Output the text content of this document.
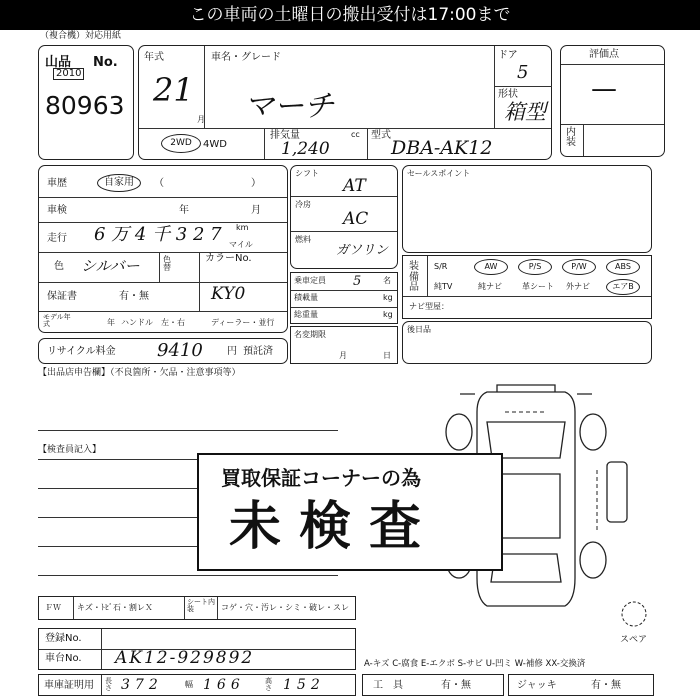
この車両の土曜日の搬出受付は17:00まで
（複合機）対応用紙
山品 No.
2010
80963
年式
21
月
車名・グレード
マーチ
ドア
5
形状
箱型
2WD	4WD
排気量	cc
1,240
型式
DBA-AK12
評価点
—
内装
車歴	自家用	（	）
車検	年	月
走行 6 万 4 千 3 2 7 km
マイル
色 シルバー	色替
カラーNo.
保証書	有・無	KY0
モデル年式	年 ハンドル 左・右	ディーラー・並行
リサイクル料金 9410 円 預託済
シフト
AT
冷房
AC
燃料
ガソリン
乗車定員 5	名
積載量	kg
総重量	kg
名変期限
月	日
セールスポイント
装備品
ナビ型屋：
S/R	AW	P/S	P/W	ABS
純TV	純ナビ	革シート	外ナビ	エアB
後日品
【出品店申告欄】（不良箇所・欠品・注意事項等）
【検査員記入】
スペア
買取保証コーナーの為
未検査
ＦＷ キズ・ﾄﾋﾞ石・割レＸ
シート内装	コゲ・穴・汚レ・シミ・破レ・スレ
登録No.
車台No. AK12-929892
車庫証明用 長さ 372	幅 166	高さ 152
A-キズ C-腐食 E-エクボ S-サビ U-凹ミ W-補修 XX-交換済
工　具	有・無	ジャッキ	有・無
